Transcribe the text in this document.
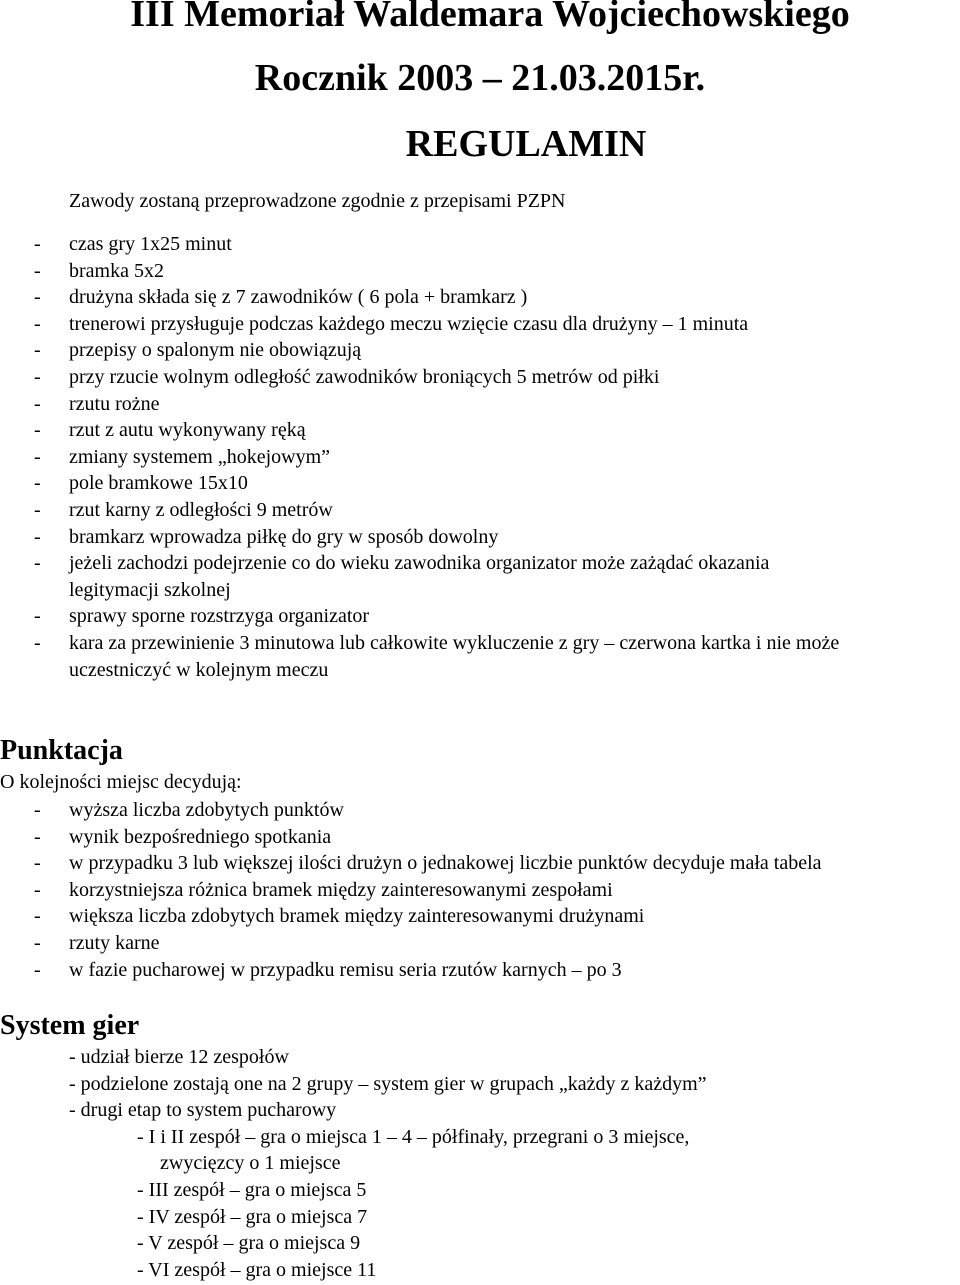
III Memoriał Waldemara Wojciechowskiego
Rocznik 2003 – 21.03.2015r.
REGULAMIN
Zawody zostaną przeprowadzone zgodnie z przepisami PZPN
- czas gry 1x25 minut
- bramka 5x2
- drużyna składa się z 7 zawodników ( 6 pola + bramkarz )
- trenerowi przysługuje podczas każdego meczu wzięcie czasu dla drużyny – 1 minuta
- przepisy o spalonym nie obowiązują
- przy rzucie wolnym odległość zawodników broniących 5 metrów od piłki
- rzutu rożne
- rzut z autu wykonywany ręką
- zmiany systemem „hokejowym”
- pole bramkowe 15x10
- rzut karny z odległości 9 metrów
- bramkarz wprowadza piłkę do gry w sposób dowolny
- jeżeli zachodzi podejrzenie co do wieku zawodnika organizator może zażądać okazania
legitymacji szkolnej
- sprawy sporne rozstrzyga organizator
- kara za przewinienie 3 minutowa lub całkowite wykluczenie z gry – czerwona kartka i nie może
uczestniczyć w kolejnym meczu
Punktacja
O kolejności miejsc decydują:
- wyższa liczba zdobytych punktów
- wynik bezpośredniego spotkania
- w przypadku 3 lub większej ilości drużyn o jednakowej liczbie punktów decyduje mała tabela
- korzystniejsza różnica bramek między zainteresowanymi zespołami
- większa liczba zdobytych bramek między zainteresowanymi drużynami
- rzuty karne
- w fazie pucharowej w przypadku remisu seria rzutów karnych – po 3
System gier
- udział bierze 12 zespołów
- podzielone zostają one na 2 grupy – system gier w grupach „każdy z każdym”
- drugi etap to system pucharowy
- I i II zespół – gra o miejsca 1 – 4 – półfinały, przegrani o 3 miejsce,
zwycięzcy o 1 miejsce
- III zespół – gra o miejsca 5
- IV zespół – gra o miejsca 7
- V zespół – gra o miejsca 9
- VI zespół – gra o miejsce 11
